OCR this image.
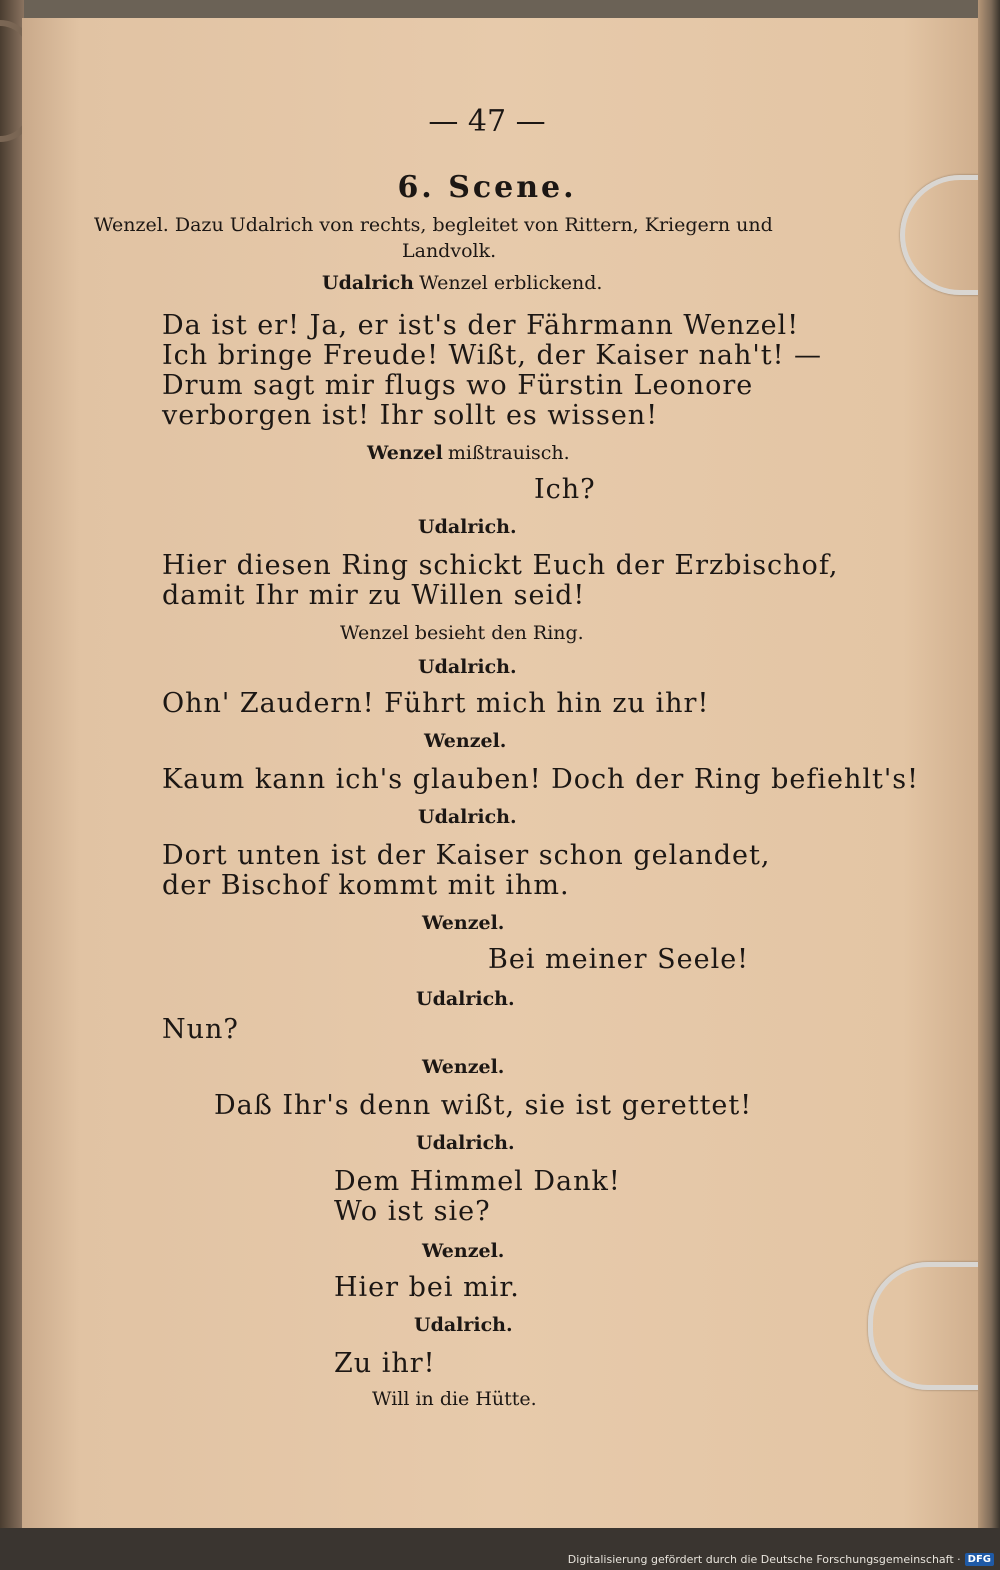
— 47 —
6. Scene.
Wenzel. Dazu Udalrich von rechts, begleitet von Rittern, Kriegern und
Landvolk.
Udalrich Wenzel erblickend.
Da ist er! Ja, er ist's der Fährmann Wenzel!
Ich bringe Freude! Wißt, der Kaiser nah't! —
Drum sagt mir flugs wo Fürstin Leonore
verborgen ist! Ihr sollt es wissen!
Wenzel mißtrauisch.
Ich?
Udalrich.
Hier diesen Ring schickt Euch der Erzbischof,
damit Ihr mir zu Willen seid!
Wenzel besieht den Ring.
Udalrich.
Ohn' Zaudern! Führt mich hin zu ihr!
Wenzel.
Kaum kann ich's glauben! Doch der Ring befiehlt's!
Udalrich.
Dort unten ist der Kaiser schon gelandet,
der Bischof kommt mit ihm.
Wenzel.
Bei meiner Seele!
Udalrich.
Nun?
Wenzel.
Daß Ihr's denn wißt, sie ist gerettet!
Udalrich.
Dem Himmel Dank!
Wo ist sie?
Wenzel.
Hier bei mir.
Udalrich.
Zu ihr!
Will in die Hütte.
Digitalisierung gefördert durch die Deutsche Forschungsgemeinschaft · DFG
